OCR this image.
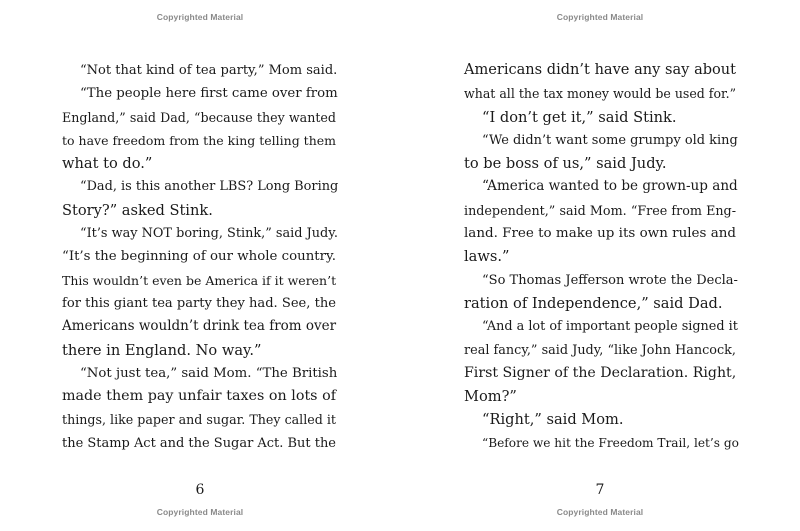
Copyrighted Material
“Not that kind of tea party,” Mom said.
“The people here first came over from
England,” said Dad, “because they wanted
to have freedom from the king telling them
what to do.”
“Dad, is this another LBS? Long Boring
Story?” asked Stink.
“It’s way NOT boring, Stink,” said Judy.
“It’s the beginning of our whole country.
This wouldn’t even be America if it weren’t
for this giant tea party they had. See, the
Americans wouldn’t drink tea from over
there in England. No way.”
“Not just tea,” said Mom. “The British
made them pay unfair taxes on lots of
things, like paper and sugar. They called it
the Stamp Act and the Sugar Act. But the
6
Copyrighted Material
Copyrighted Material
Americans didn’t have any say about
what all the tax money would be used for.”
“I don’t get it,” said Stink.
“We didn’t want some grumpy old king
to be boss of us,” said Judy.
“America wanted to be grown-up and
independent,” said Mom. “Free from Eng-
land. Free to make up its own rules and
laws.”
“So Thomas Jefferson wrote the Decla-
ration of Independence,” said Dad.
“And a lot of important people signed it
real fancy,” said Judy, “like John Hancock,
First Signer of the Declaration. Right,
Mom?”
“Right,” said Mom.
“Before we hit the Freedom Trail, let’s go
7
Copyrighted Material
